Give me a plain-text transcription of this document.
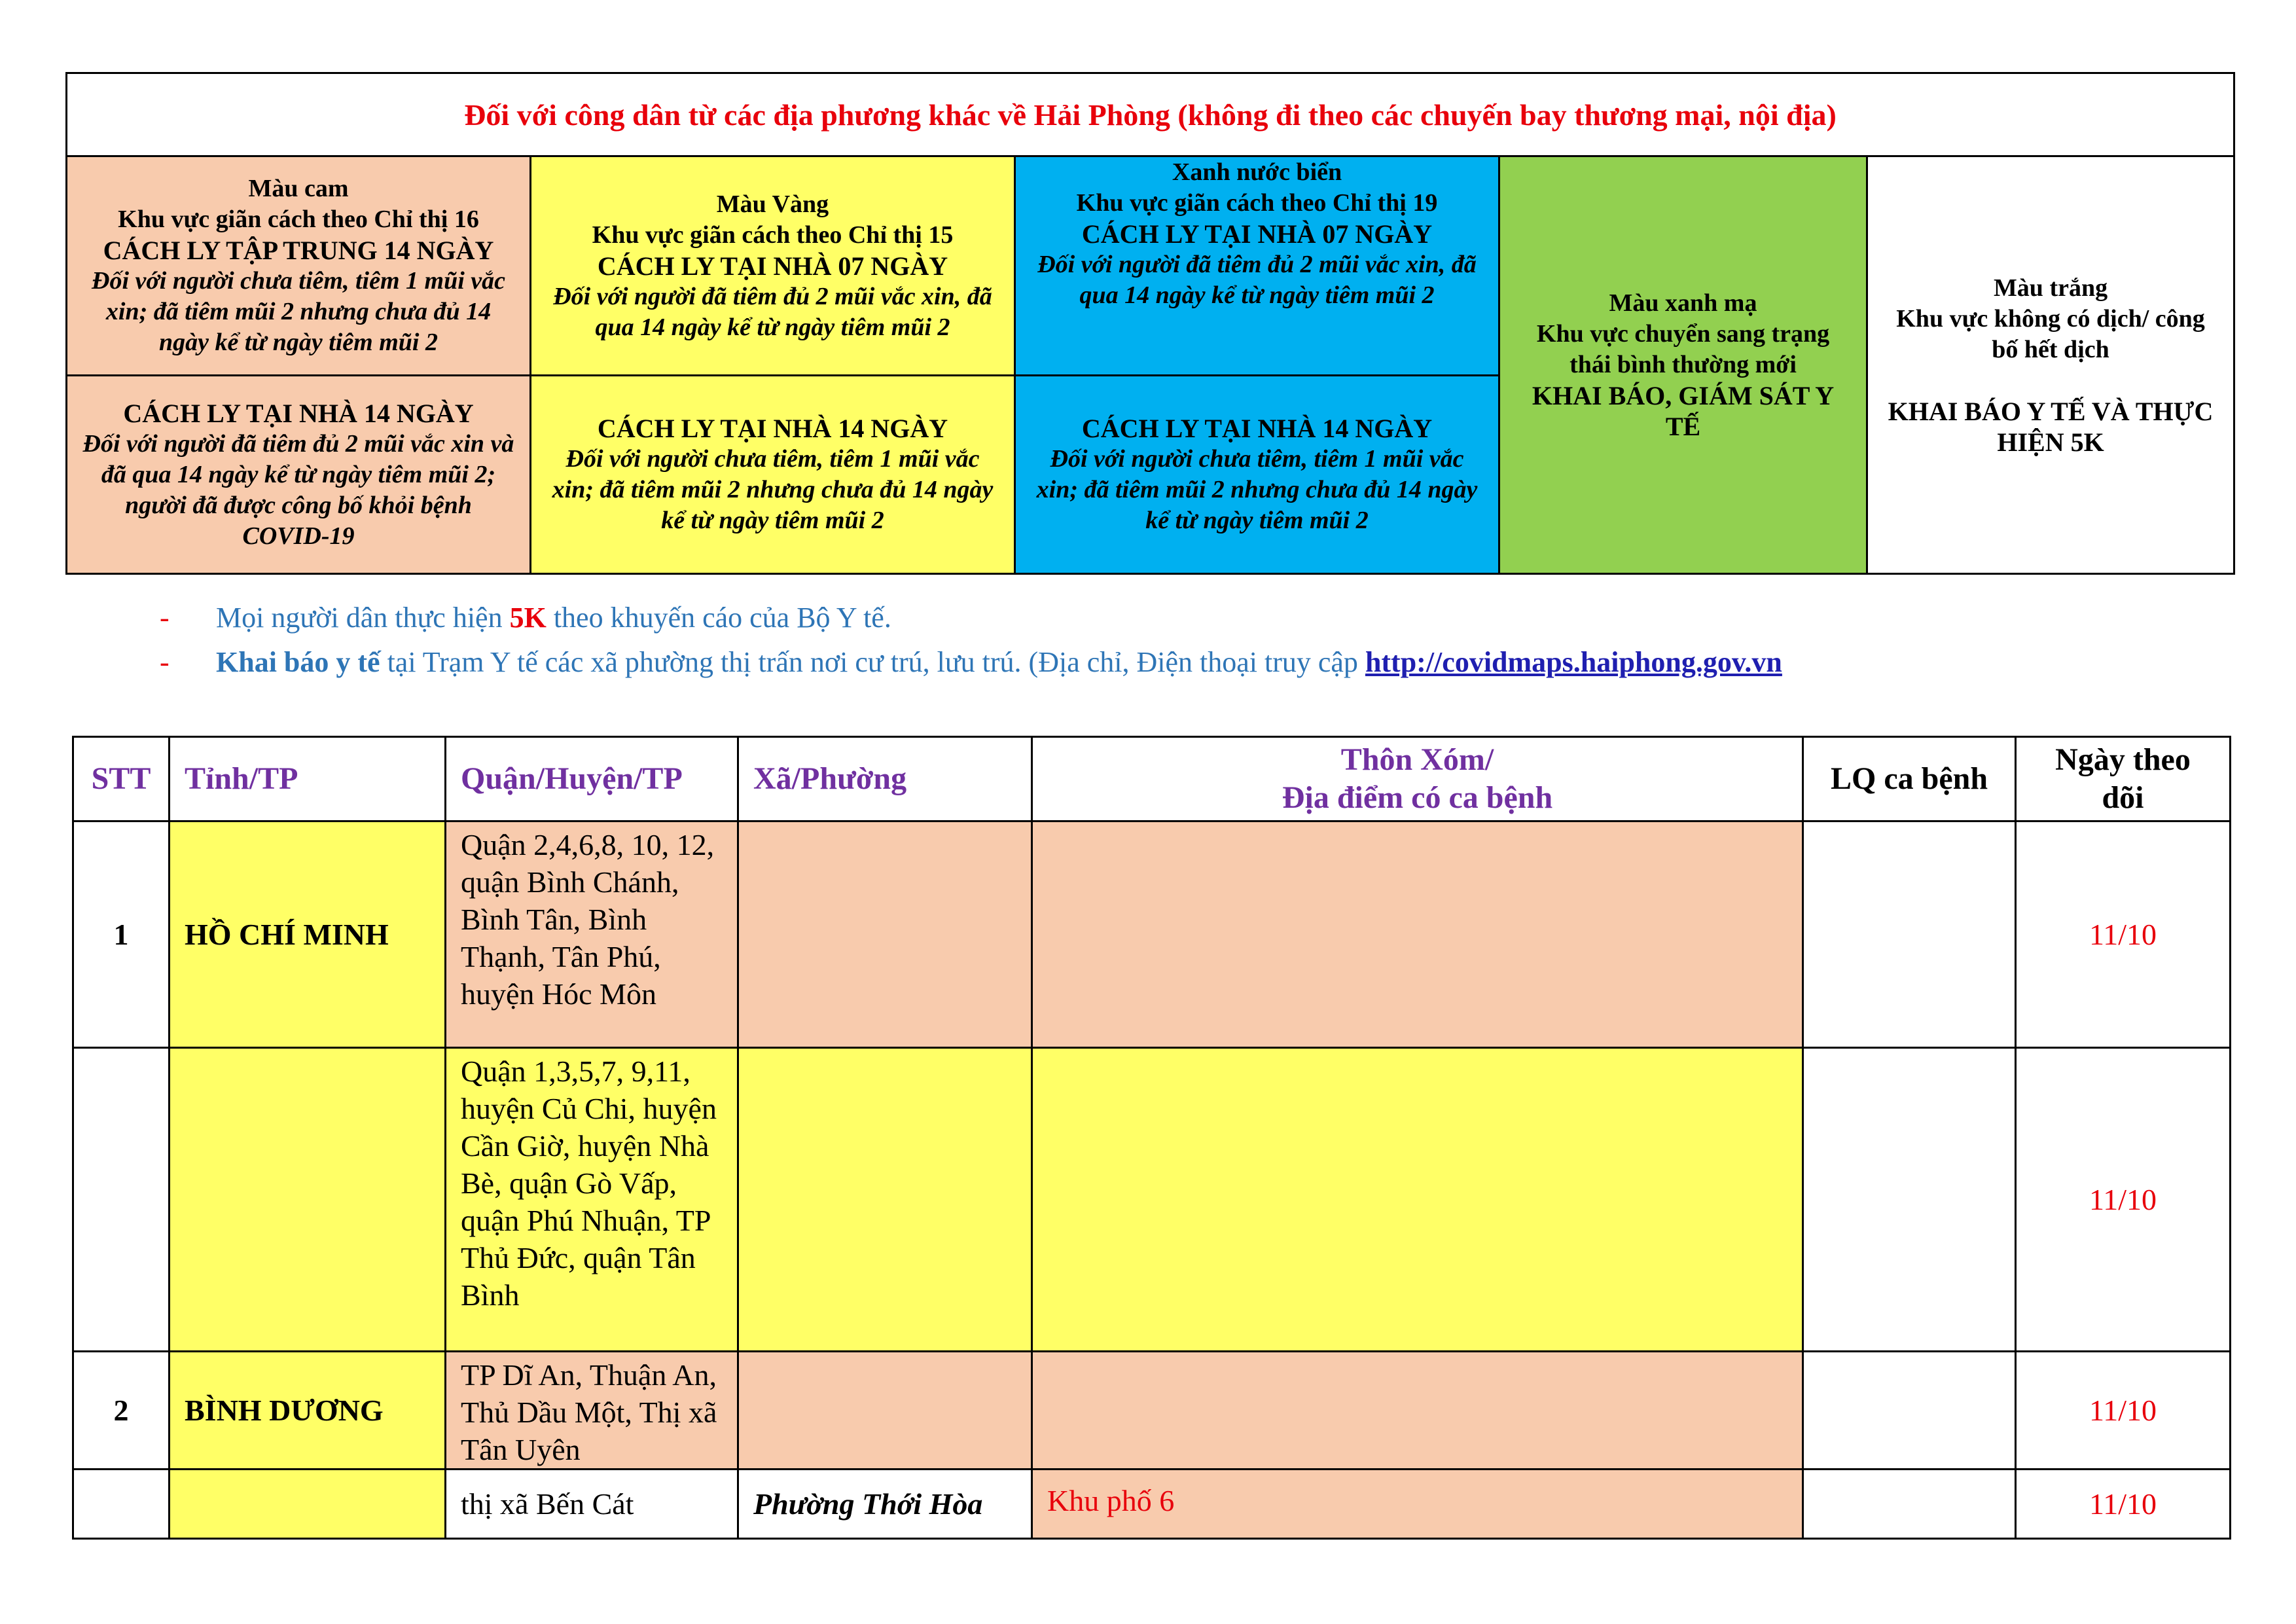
Đối với công dân từ các địa phương khác về Hải Phòng (không đi theo các chuyến bay thương mại, nội địa)				

Màu cam
Khu vực giãn cách theo Chỉ thị 16
CÁCH LY TẬP TRUNG 14 NGÀY
Đối với người chưa tiêm, tiêm 1 mũi vắc xin; đã tiêm mũi 2 nhưng chưa đủ 14 ngày kể từ ngày tiêm mũi 2	Màu Vàng
Khu vực giãn cách theo Chỉ thị 15
CÁCH LY TẠI NHÀ 07 NGÀY
Đối với người đã tiêm đủ 2 mũi vắc xin, đã qua 14 ngày kể từ ngày tiêm mũi 2	Xanh nước biển
Khu vực giãn cách theo Chỉ thị 19
CÁCH LY TẠI NHÀ 07 NGÀY
Đối với người đã tiêm đủ 2 mũi vắc xin, đã qua 14 ngày kể từ ngày tiêm mũi 2	Màu xanh mạ
Khu vực chuyển sang trạng thái bình thường mới
KHAI BÁO, GIÁM SÁT Y TẾ	Màu trắng
Khu vực không có dịch/ công bố hết dịch
KHAI BÁO Y TẾ VÀ THỰC HIỆN 5K

CÁCH LY TẠI NHÀ 14 NGÀY
Đối với người đã tiêm đủ 2 mũi vắc xin và đã qua 14 ngày kể từ ngày tiêm mũi 2; người đã được công bố khỏi bệnh COVID-19	CÁCH LY TẠI NHÀ 14 NGÀY
Đối với người chưa tiêm, tiêm 1 mũi vắc xin; đã tiêm mũi 2 nhưng chưa đủ 14 ngày kể từ ngày tiêm mũi 2	CÁCH LY TẠI NHÀ 14 NGÀY
Đối với người chưa tiêm, tiêm 1 mũi vắc xin; đã tiêm mũi 2 nhưng chưa đủ 14 ngày kể từ ngày tiêm mũi 2		
- Mọi người dân thực hiện 5K theo khuyến cáo của Bộ Y tế.
- Khai báo y tế tại Trạm Y tế các xã phường thị trấn nơi cư trú, lưu trú. (Địa chỉ, Điện thoại truy cập http://covidmaps.haiphong.gov.vn
STT	Tỉnh/TP	Quận/Huyện/TP	Xã/Phường	Thôn Xóm/
Địa điểm có ca bệnh	LQ ca bệnh	Ngày theo dõi
1	HỒ CHÍ MINH	Quận 2,4,6,8, 10, 12, quận Bình Chánh, Bình Tân, Bình Thạnh, Tân Phú, huyện Hóc Môn				11/10
		Quận 1,3,5,7, 9,11, huyện Củ Chi, huyện Cần Giờ, huyện Nhà Bè, quận Gò Vấp, quận Phú Nhuận, TP Thủ Đức, quận Tân Bình				11/10
2	BÌNH DƯƠNG	TP Dĩ An, Thuận An, Thủ Dầu Một, Thị xã Tân Uyên				11/10
		thị xã Bến Cát	Phường Thới Hòa	Khu phố 6		11/10
